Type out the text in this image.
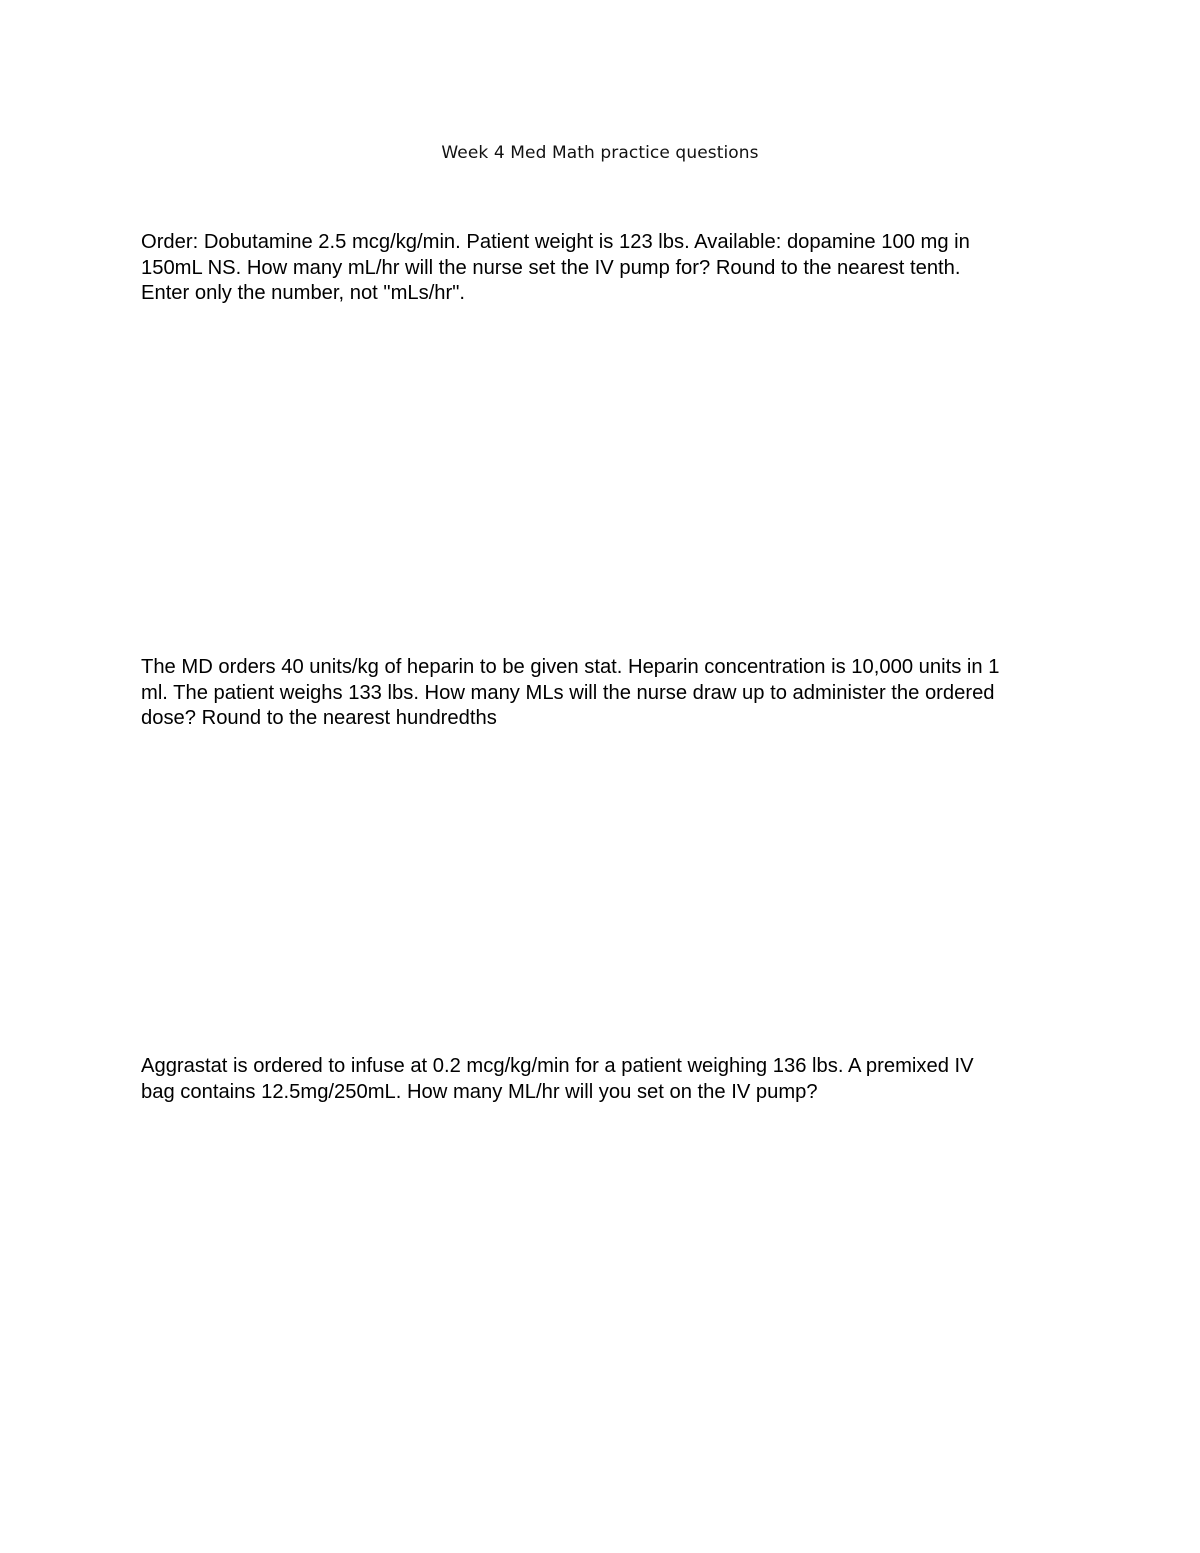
Week 4 Med Math practice questions
Order: Dobutamine 2.5 mcg/kg/min. Patient weight is 123 lbs. Available: dopamine 100 mg in
150mL NS. How many mL/hr will the nurse set the IV pump for? Round to the nearest tenth.
Enter only the number, not "mLs/hr".
The MD orders 40 units/kg of heparin to be given stat. Heparin concentration is 10,000 units in 1
ml. The patient weighs 133 lbs. How many MLs will the nurse draw up to administer the ordered
dose? Round to the nearest hundredths
Aggrastat is ordered to infuse at 0.2 mcg/kg/min for a patient weighing 136 lbs. A premixed IV
bag contains 12.5mg/250mL. How many ML/hr will you set on the IV pump?
